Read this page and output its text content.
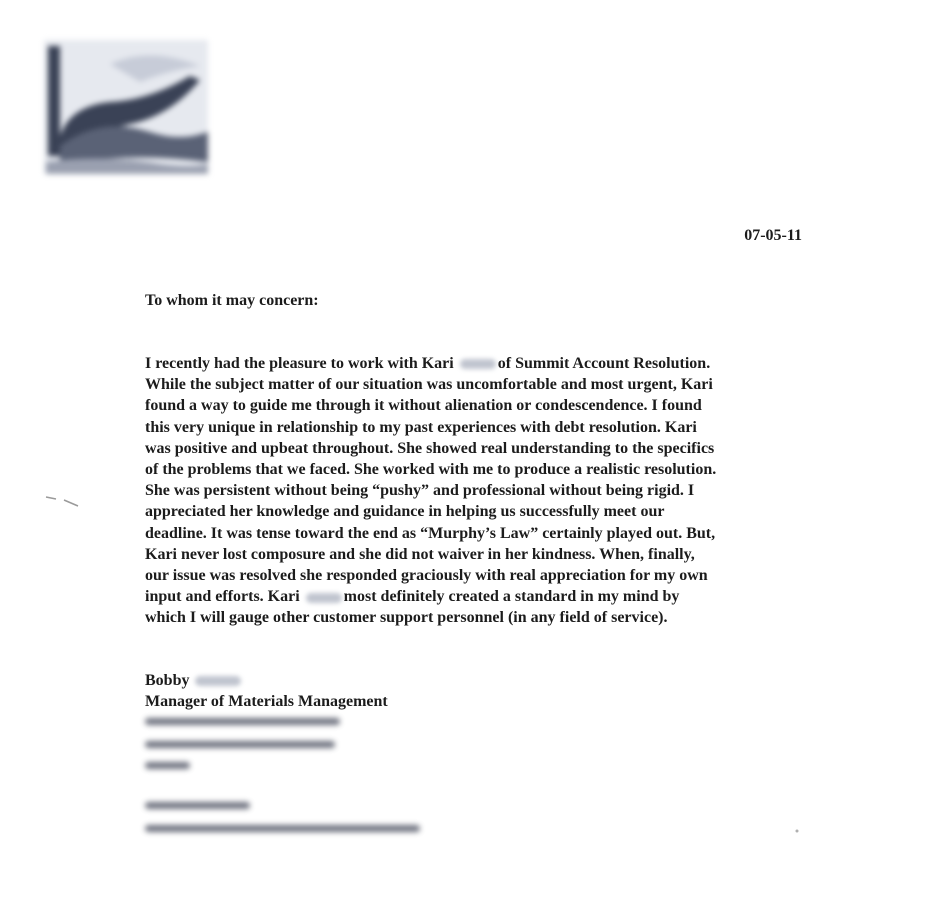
07-05-11
To whom it may concern:
I recently had the pleasure to work with Kari	of Summit Account Resolution.
While the subject matter of our situation was uncomfortable and most urgent, Kari
found a way to guide me through it without alienation or condescendence. I found
this very unique in relationship to my past experiences with debt resolution. Kari
was positive and upbeat throughout. She showed real understanding to the specifics
of the problems that we faced. She worked with me to produce a realistic resolution.
She was persistent without being “pushy” and professional without being rigid. I
appreciated her knowledge and guidance in helping us successfully meet our
deadline. It was tense toward the end as “Murphy’s Law” certainly played out. But,
Kari never lost composure and she did not waiver in her kindness. When, finally,
our issue was resolved she responded graciously with real appreciation for my own
input and efforts. Kari	most definitely created a standard in my mind by
which I will gauge other customer support personnel (in any field of service).
Bobby
Manager of Materials Management
